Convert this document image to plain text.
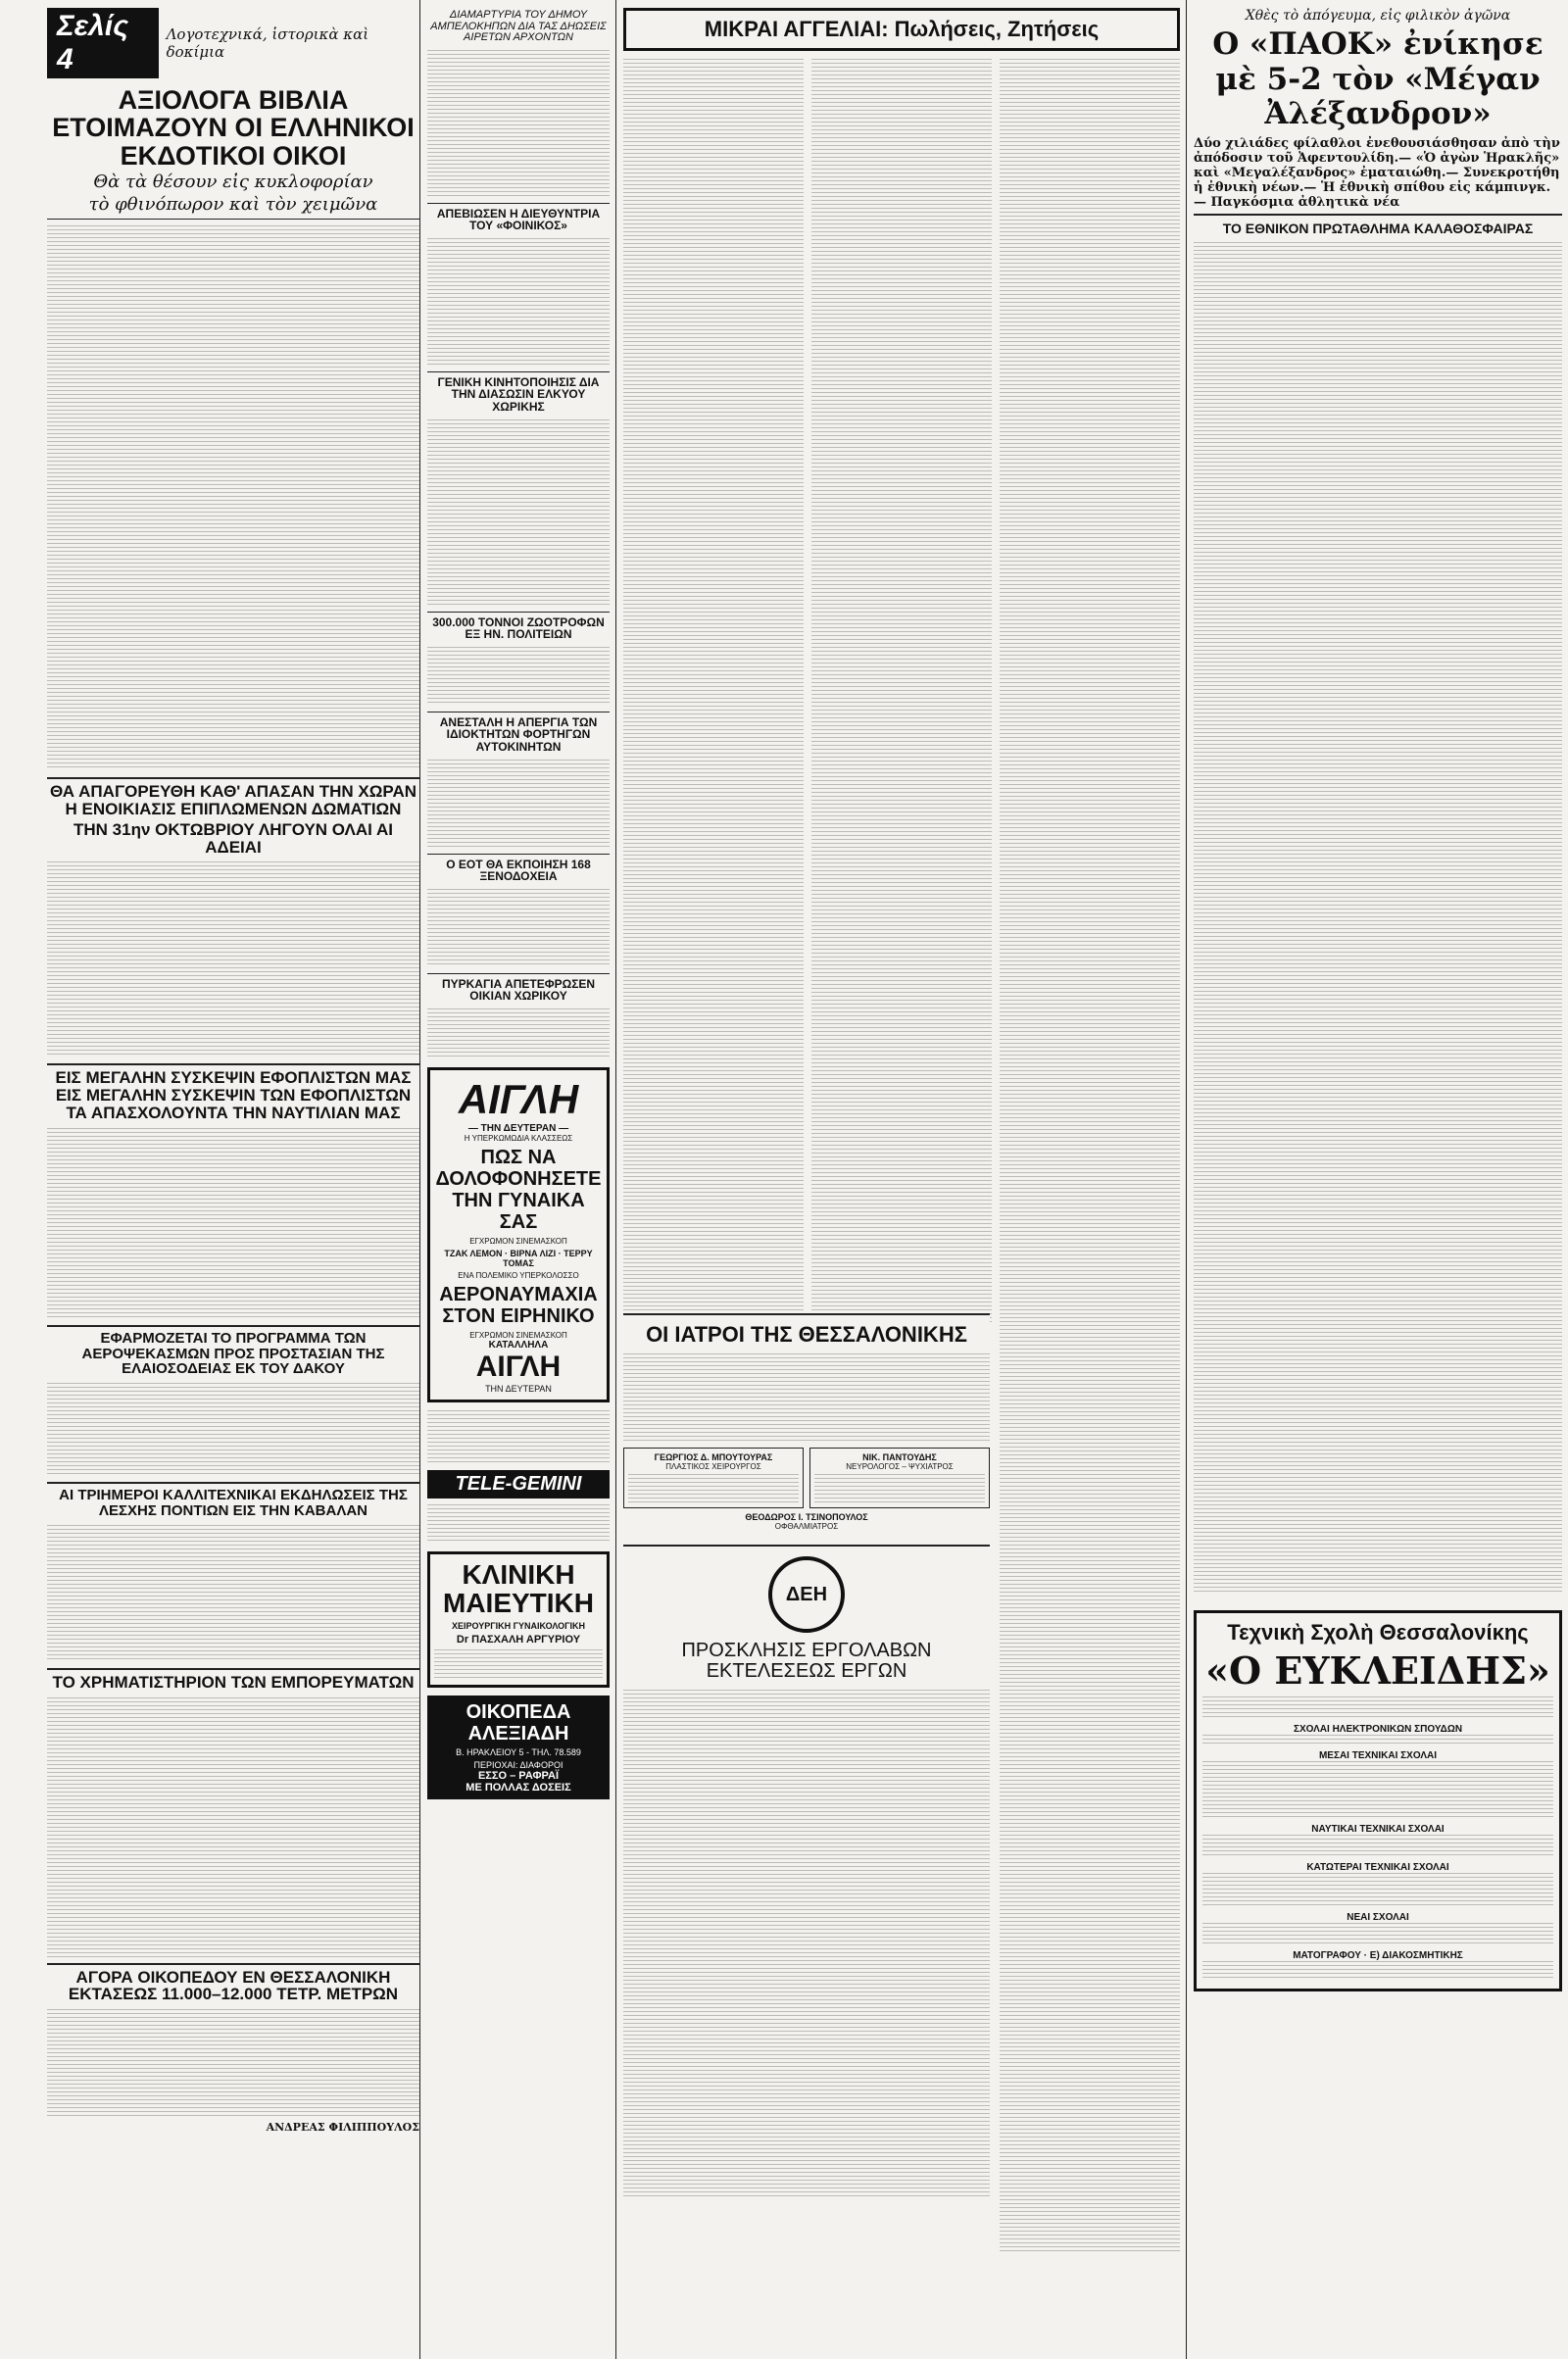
Σελίς 4
Λογοτεχνικά, ἱστορικὰ καὶ δοκίμια
ΑΞΙΟΛΟΓΑ ΒΙΒΛΙΑ ΕΤΟΙΜΑΖΟΥΝ ΟΙ ΕΛΛΗΝΙΚΟΙ ΕΚΔΟΤΙΚΟΙ ΟΙΚΟΙ
Θὰ τὰ θέσουν εἰς κυκλοφορίαν
τὸ φθινόπωρον καὶ τὸν χειμῶνα
ΘΑ ΑΠΑΓΟΡΕΥΘΗ ΚΑΘ' ΑΠΑΣΑΝ ΤΗΝ ΧΩΡΑΝ Η ΕΝΟΙΚΙΑΣΙΣ ΕΠΙΠΛΩΜΕΝΩΝ ΔΩΜΑΤΙΩΝ
ΤΗΝ 31ην ΟΚΤΩΒΡΙΟΥ ΛΗΓΟΥΝ ΟΛΑΙ ΑΙ ΑΔΕΙΑΙ
ΕΙΣ ΜΕΓΑΛΗΝ ΣΥΣΚΕΨΙΝ ΕΦΟΠΛΙΣΤΩΝ ΜΑΣ ΕΙΣ ΜΕΓΑΛΗΝ ΣΥΣΚΕΨΙΝ ΤΩΝ ΕΦΟΠΛΙΣΤΩΝ ΤΑ ΑΠΑΣΧΟΛΟΥΝΤΑ ΤΗΝ ΝΑΥΤΙΛΙΑΝ ΜΑΣ
ΕΦΑΡΜΟΖΕΤΑΙ ΤΟ ΠΡΟΓΡΑΜΜΑ ΤΩΝ ΑΕΡΟΨΕΚΑΣΜΩΝ ΠΡΟΣ ΠΡΟΣΤΑΣΙΑΝ ΤΗΣ ΕΛΑΙΟΣΟΔΕΙΑΣ ΕΚ ΤΟΥ ΔΑΚΟΥ
ΑΙ ΤΡΙΗΜΕΡΟΙ ΚΑΛΛΙΤΕΧΝΙΚΑΙ ΕΚΔΗΛΩΣΕΙΣ ΤΗΣ ΛΕΣΧΗΣ ΠΟΝΤΙΩΝ ΕΙΣ ΤΗΝ ΚΑΒΑΛΑΝ
ΤΟ ΧΡΗΜΑΤΙΣΤΗΡΙΟΝ ΤΩΝ ΕΜΠΟΡΕΥΜΑΤΩΝ
ΑΓΟΡΑ ΟΙΚΟΠΕΔΟΥ ΕΝ ΘΕΣΣΑΛΟΝΙΚΗ ΕΚΤΑΣΕΩΣ 11.000–12.000 ΤΕΤΡ. ΜΕΤΡΩΝ
ΑΝΔΡΕΑΣ ΦΙΛΙΠΠΟΥΛΟΣ
ΔΙΑΜΑΡΤΥΡΙΑ ΤΟΥ ΔΗΜΟΥ ΑΜΠΕΛΟΚΗΠΩΝ ΔΙΑ ΤΑΣ ΔΗΩΣΕΙΣ ΑΙΡΕΤΩΝ ΑΡΧΟΝΤΩΝ
ΑΠΕΒΙΩΣΕΝ Η ΔΙΕΥΘΥΝΤΡΙΑ ΤΟΥ «ΦΟΙΝΙΚΟΣ»
ΓΕΝΙΚΗ ΚΙΝΗΤΟΠΟΙΗΣΙΣ ΔΙΑ ΤΗΝ ΔΙΑΣΩΣΙΝ ΕΛΚΥΟΥ ΧΩΡΙΚΗΣ
300.000 ΤΟΝΝΟΙ ΖΩΟΤΡΟΦΩΝ ΕΞ ΗΝ. ΠΟΛΙΤΕΙΩΝ
ΑΝΕΣΤΑΛΗ Η ΑΠΕΡΓΙΑ ΤΩΝ ΙΔΙΟΚΤΗΤΩΝ ΦΟΡΤΗΓΩΝ ΑΥΤΟΚΙΝΗΤΩΝ
Ο ΕΟΤ ΘΑ ΕΚΠΟΙΗΣΗ 168 ΞΕΝΟΔΟΧΕΙΑ
ΠΥΡΚΑΓΙΑ ΑΠΕΤΕΦΡΩΣΕΝ ΟΙΚΙΑΝ ΧΩΡΙΚΟΥ
ΑΙΓΛΗ
— ΤΗΝ ΔΕΥΤΕΡΑΝ —
Η ΥΠΕΡΚΩΜΩΔΙΑ ΚΛΑΣΣΕΩΣ
ΠΩΣ ΝΑ ΔΟΛΟΦΟΝΗΣΕΤΕ ΤΗΝ ΓΥΝΑΙΚΑ ΣΑΣ
ΕΓΧΡΩΜΟΝ ΣΙΝΕΜΑΣΚΟΠ
ΤΖΑΚ ΛΕΜΟΝ · ΒΙΡΝΑ ΛΙΖΙ · ΤΕΡΡΥ ΤΟΜΑΣ
ΕΝΑ ΠΟΛΕΜΙΚΟ ΥΠΕΡΚΟΛΟΣΣΟ
ΑΕΡΟΝΑΥΜΑΧΙΑ ΣΤΟΝ ΕΙΡΗΝΙΚΟ
ΕΓΧΡΩΜΟΝ ΣΙΝΕΜΑΣΚΟΠ
ΚΑΤΑΛΛΗΛΑ
ΑΙΓΛΗ
ΤΗΝ ΔΕΥΤΕΡΑΝ
TELE-GEMINI
ΚΛΙΝΙΚΗ ΜΑΙΕΥΤΙΚΗ
ΧΕΙΡΟΥΡΓΙΚΗ ΓΥΝΑΙΚΟΛΟΓΙΚΗ
Dr ΠΑΣΧΑΛΗ ΑΡΓΥΡΙΟΥ
ΟΙΚΟΠΕΔΑ ΑΛΕΞΙΑΔΗ
Β. ΗΡΑΚΛΕΙΟΥ 5 - ΤΗΛ. 78.589
ΠΕΡΙΟΧΑΙ: ΔΙΑΦΟΡΟΙ
ΕΣΣΟ – ΡΑΦΡΑΪ
ΜΕ ΠΟΛΛΑΣ ΔΟΣΕΙΣ
ΜΙΚΡΑΙ ΑΓΓΕΛΙΑΙ: Πωλήσεις, Ζητήσεις
ΟΙ ΙΑΤΡΟΙ ΤΗΣ ΘΕΣΣΑΛΟΝΙΚΗΣ
ΓΕΩΡΓΙΟΣ Δ. ΜΠΟΥΤΟΥΡΑΣ
ΠΛΑΣΤΙΚΟΣ ΧΕΙΡΟΥΡΓΟΣ
ΝΙΚ. ΠΑΝΤΟΥΔΗΣ
ΝΕΥΡΟΛΟΓΟΣ – ΨΥΧΙΑΤΡΟΣ
ΘΕΟΔΩΡΟΣ Ι. ΤΣΙΝΟΠΟΥΛΟΣ
ΟΦΘΑΛΜΙΑΤΡΟΣ
ΔΕΗ
ΠΡΟΣΚΛΗΣΙΣ ΕΡΓΟΛΑΒΩΝ ΕΚΤΕΛΕΣΕΩΣ ΕΡΓΩΝ
Χθὲς τὸ ἀπόγευμα, εἰς φιλικὸν ἀγῶνα
Ο «ΠΑΟΚ» ἐνίκησε μὲ 5-2 τὸν «Μέγαν Ἀλέξανδρον»
Δύο χιλιάδες φίλαθλοι ἐνεθουσιάσθησαν ἀπὸ τὴν ἀπόδοσιν τοῦ Ἀφεντουλίδη.— «Ὁ ἀγὼν Ἡρακλῆς» καὶ «Μεγαλέξανδρος» ἐματαιώθη.— Συνεκροτήθη ἡ ἐθνικὴ νέων.— Ἡ ἐθνικὴ σπίθου εἰς κάμπινγκ.— Παγκόσμια ἀθλητικὰ νέα
ΤΟ ΕΘΝΙΚΟΝ ΠΡΩΤΑΘΛΗΜΑ ΚΑΛΑΘΟΣΦΑΙΡΑΣ
Τεχνικὴ Σχολὴ Θεσσαλονίκης
«Ο ΕΥΚΛΕΙΔΗΣ»
ΣΧΟΛΑΙ ΗΛΕΚΤΡΟΝΙΚΩΝ ΣΠΟΥΔΩΝ
ΜΕΣΑΙ ΤΕΧΝΙΚΑΙ ΣΧΟΛΑΙ
ΝΑΥΤΙΚΑΙ ΤΕΧΝΙΚΑΙ ΣΧΟΛΑΙ
ΚΑΤΩΤΕΡΑΙ ΤΕΧΝΙΚΑΙ ΣΧΟΛΑΙ
ΝΕΑΙ ΣΧΟΛΑΙ
ΜΑΤΟΓΡΑΦΟΥ · Ε) ΔΙΑΚΟΣΜΗΤΙΚΗΣ
